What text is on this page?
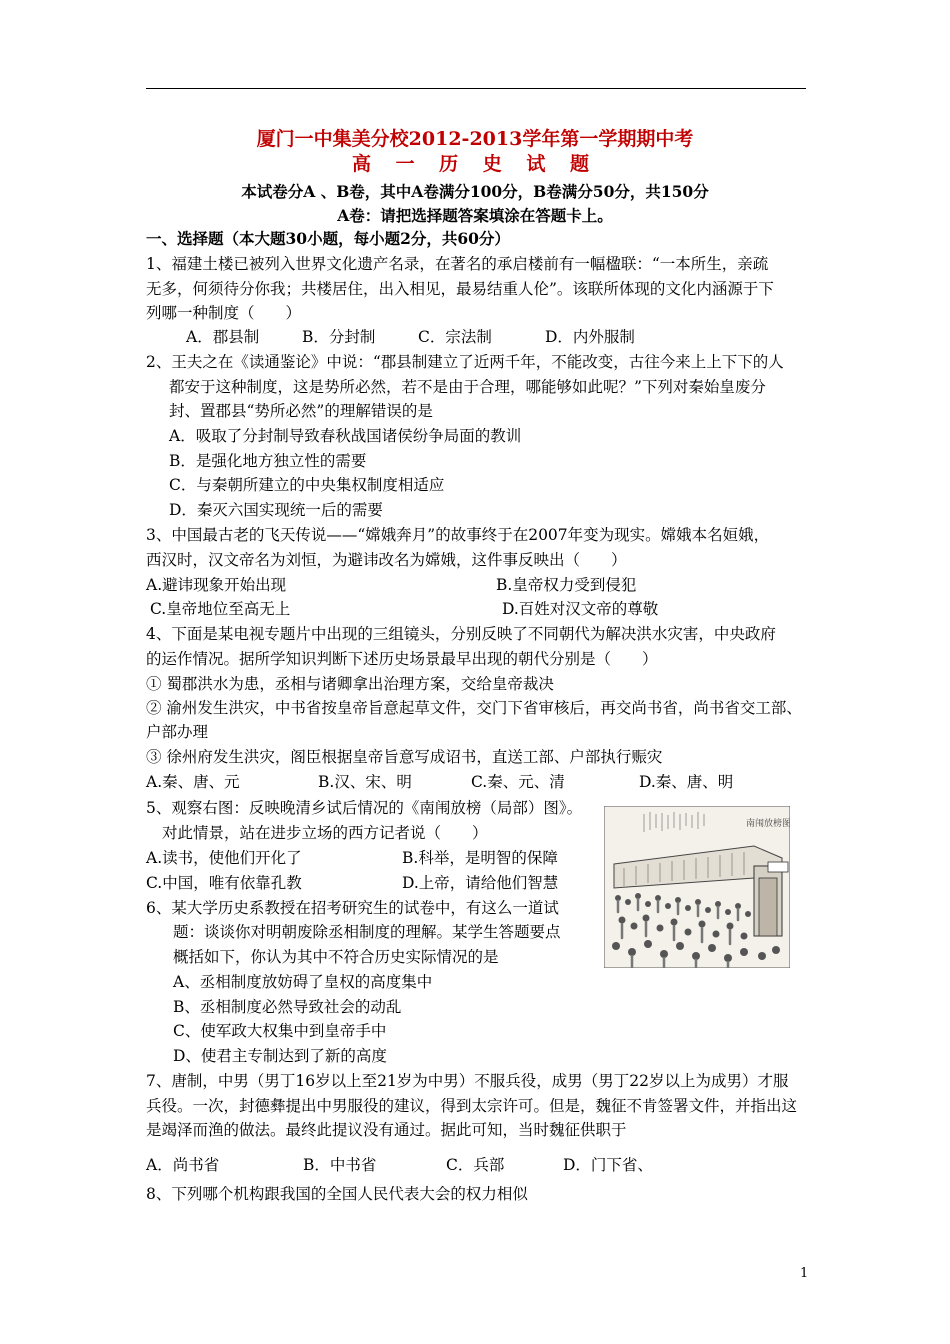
厦门一中集美分校2012-2013学年第一学期期中考
高 一 历 史 试 题
本试卷分A 、B卷，其中A卷满分100分，B卷满分50分，共150分
A卷：请把选择题答案填涂在答题卡上。
一、选择题（本大题30小题，每小题2分，共60分）
1、福建土楼已被列入世界文化遗产名录，在著名的承启楼前有一幅楹联：“一本所生，亲疏
无多，何须待分你我；共楼居住，出入相见，最易结重人伦”。该联所体现的文化内涵源于下
列哪一种制度（　　）
A．郡县制	B．分封制	C．宗法制	D．内外服制
2、王夫之在《读通鉴论》中说：“郡县制建立了近两千年，不能改变，古往今来上上下下的人
都安于这种制度，这是势所必然，若不是由于合理，哪能够如此呢？”下列对秦始皇废分
封、置郡县“势所必然”的理解错误的是
A．吸取了分封制导致春秋战国诸侯纷争局面的教训
B．是强化地方独立性的需要
C．与秦朝所建立的中央集权制度相适应
D．秦灭六国实现统一后的需要
3、中国最古老的飞天传说——“嫦娥奔月”的故事终于在2007年变为现实。嫦娥本名姮娥，
西汉时，汉文帝名为刘恒，为避讳改名为嫦娥，这件事反映出（　　）
A.避讳现象开始出现	B.皇帝权力受到侵犯
C.皇帝地位至高无上	D.百姓对汉文帝的尊敬
4、下面是某电视专题片中出现的三组镜头，分别反映了不同朝代为解决洪水灾害，中央政府
的运作情况。据所学知识判断下述历史场景最早出现的朝代分别是（　　）
① 蜀郡洪水为患，丞相与诸卿拿出治理方案，交给皇帝裁决
② 渝州发生洪灾，中书省按皇帝旨意起草文件，交门下省审核后，再交尚书省，尚书省交工部、
户部办理
③ 徐州府发生洪灾，阁臣根据皇帝旨意写成诏书，直送工部、户部执行赈灾
A.秦、唐、元	B.汉、宋、明	C.秦、元、清	D.秦、唐、明
5、观察右图：反映晚清乡试后情况的《南闱放榜（局部）图》。
对此情景，站在进步立场的西方记者说（　　）
A.读书，使他们开化了	B.科举，是明智的保障
C.中国，唯有依靠孔教	D.上帝，请给他们智慧
南闱放榜图
6、某大学历史系教授在招考研究生的试卷中，有这么一道试
题：谈谈你对明朝废除丞相制度的理解。某学生答题要点
概括如下，你认为其中不符合历史实际情况的是
A、丞相制度放妨碍了皇权的高度集中
B、丞相制度必然导致社会的动乱
C、使军政大权集中到皇帝手中
D、使君主专制达到了新的高度
7、唐制，中男（男丁16岁以上至21岁为中男）不服兵役，成男（男丁22岁以上为成男）才服
兵役。一次，封德彝提出中男服役的建议，得到太宗许可。但是，魏征不肯签署文件，并指出这
是竭泽而渔的做法。最终此提议没有通过。据此可知，当时魏征供职于
A．尚书省	B．中书省	C．兵部	D．门下省、
8、下列哪个机构跟我国的全国人民代表大会的权力相似
1
